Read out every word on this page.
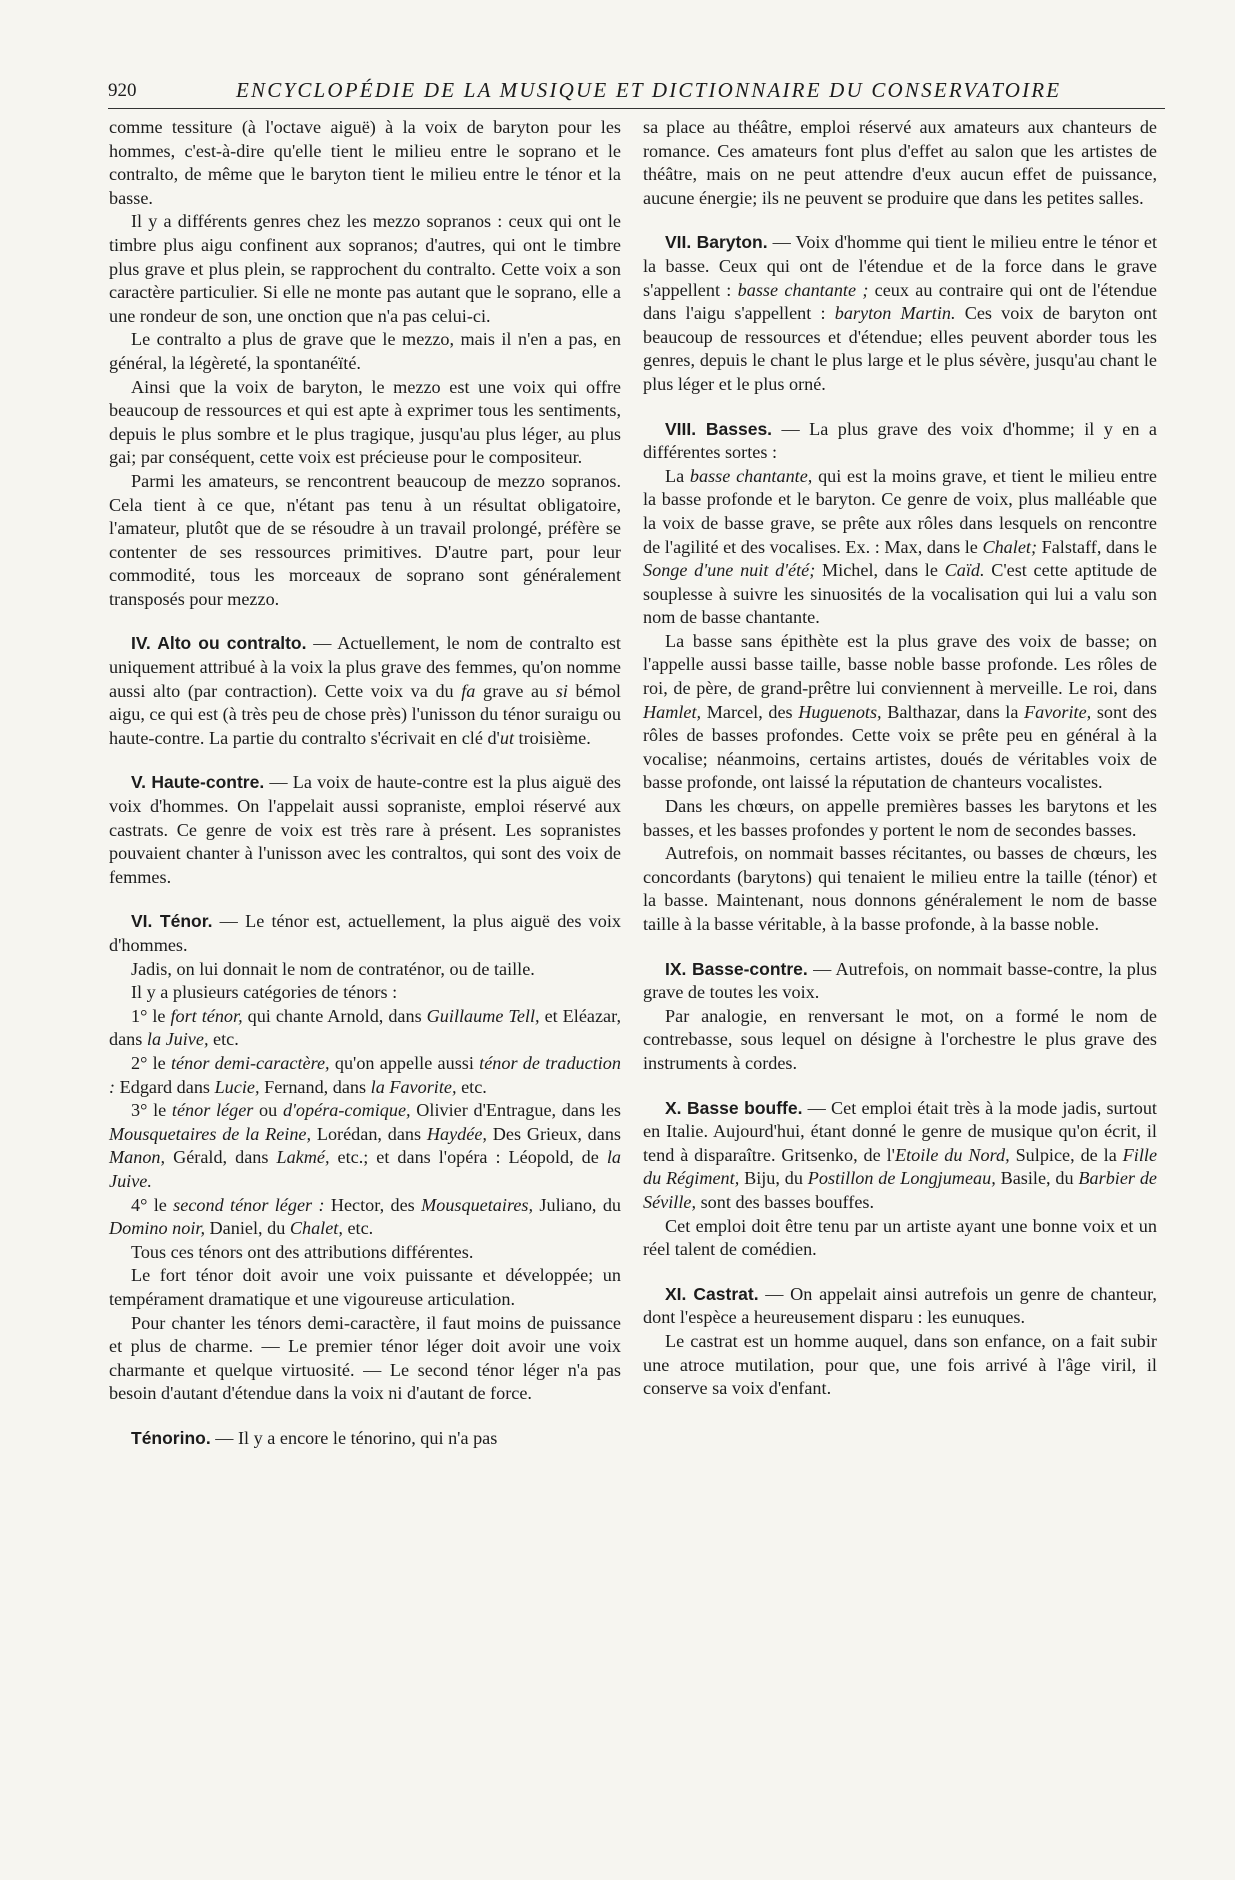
920	ENCYCLOPÉDIE DE LA MUSIQUE ET DICTIONNAIRE DU CONSERVATOIRE

comme tessiture (à l'octave aiguë) à la voix de baryton pour les hommes, c'est-à-dire qu'elle tient le milieu entre le soprano et le contralto, de même que le baryton tient le milieu entre le ténor et la basse.

Il y a différents genres chez les mezzo sopranos : ceux qui ont le timbre plus aigu confinent aux sopranos; d'autres, qui ont le timbre plus grave et plus plein, se rapprochent du contralto. Cette voix a son caractère particulier. Si elle ne monte pas autant que le soprano, elle a une rondeur de son, une onction que n'a pas celui-ci.

Le contralto a plus de grave que le mezzo, mais il n'en a pas, en général, la légèreté, la spontanéïté.

Ainsi que la voix de baryton, le mezzo est une voix qui offre beaucoup de ressources et qui est apte à exprimer tous les sentiments, depuis le plus sombre et le plus tragique, jusqu'au plus léger, au plus gai; par conséquent, cette voix est précieuse pour le compositeur.

Parmi les amateurs, se rencontrent beaucoup de mezzo sopranos. Cela tient à ce que, n'étant pas tenu à un résultat obligatoire, l'amateur, plutôt que de se résoudre à un travail prolongé, préfère se contenter de ses ressources primitives. D'autre part, pour leur commodité, tous les morceaux de soprano sont généralement transposés pour mezzo.

IV. Alto ou contralto. — Actuellement, le nom de contralto est uniquement attribué à la voix la plus grave des femmes, qu'on nomme aussi alto (par contraction). Cette voix va du fa grave au si bémol aigu, ce qui est (à très peu de chose près) l'unisson du ténor suraigu ou haute-contre. La partie du contralto s'écrivait en clé d'ut troisième.

V. Haute-contre. — La voix de haute-contre est la plus aiguë des voix d'hommes. On l'appelait aussi sopraniste, emploi réservé aux castrats. Ce genre de voix est très rare à présent. Les sopranistes pouvaient chanter à l'unisson avec les contraltos, qui sont des voix de femmes.

VI. Ténor. — Le ténor est, actuellement, la plus aiguë des voix d'hommes.

Jadis, on lui donnait le nom de contraténor, ou de taille.

Il y a plusieurs catégories de ténors :

1° le fort ténor, qui chante Arnold, dans Guillaume Tell, et Eléazar, dans la Juive, etc.

2° le ténor demi-caractère, qu'on appelle aussi ténor de traduction : Edgard dans Lucie, Fernand, dans la Favorite, etc.

3° le ténor léger ou d'opéra-comique, Olivier d'Entrague, dans les Mousquetaires de la Reine, Lorédan, dans Haydée, Des Grieux, dans Manon, Gérald, dans Lakmé, etc.; et dans l'opéra : Léopold, de la Juive.

4° le second ténor léger : Hector, des Mousquetaires, Juliano, du Domino noir, Daniel, du Chalet, etc.

Tous ces ténors ont des attributions différentes.

Le fort ténor doit avoir une voix puissante et développée; un tempérament dramatique et une vigoureuse articulation.

Pour chanter les ténors demi-caractère, il faut moins de puissance et plus de charme. — Le premier ténor léger doit avoir une voix charmante et quelque virtuosité. — Le second ténor léger n'a pas besoin d'autant d'étendue dans la voix ni d'autant de force.

Ténorino. — Il y a encore le ténorino, qui n'a pas

sa place au théâtre, emploi réservé aux amateurs aux chanteurs de romance. Ces amateurs font plus d'effet au salon que les artistes de théâtre, mais on ne peut attendre d'eux aucun effet de puissance, aucune énergie; ils ne peuvent se produire que dans les petites salles.

VII. Baryton. — Voix d'homme qui tient le milieu entre le ténor et la basse. Ceux qui ont de l'étendue et de la force dans le grave s'appellent : basse chantante ; ceux au contraire qui ont de l'étendue dans l'aigu s'appellent : baryton Martin. Ces voix de baryton ont beaucoup de ressources et d'étendue; elles peuvent aborder tous les genres, depuis le chant le plus large et le plus sévère, jusqu'au chant le plus léger et le plus orné.

VIII. Basses. — La plus grave des voix d'homme; il y en a différentes sortes :

La basse chantante, qui est la moins grave, et tient le milieu entre la basse profonde et le baryton. Ce genre de voix, plus malléable que la voix de basse grave, se prête aux rôles dans lesquels on rencontre de l'agilité et des vocalises. Ex. : Max, dans le Chalet; Falstaff, dans le Songe d'une nuit d'été; Michel, dans le Caïd. C'est cette aptitude de souplesse à suivre les sinuosités de la vocalisation qui lui a valu son nom de basse chantante.

La basse sans épithète est la plus grave des voix de basse; on l'appelle aussi basse taille, basse noble basse profonde. Les rôles de roi, de père, de grand-prêtre lui conviennent à merveille. Le roi, dans Hamlet, Marcel, des Huguenots, Balthazar, dans la Favorite, sont des rôles de basses profondes. Cette voix se prête peu en général à la vocalise; néanmoins, certains artistes, doués de véritables voix de basse profonde, ont laissé la réputation de chanteurs vocalistes.

Dans les chœurs, on appelle premières basses les barytons et les basses, et les basses profondes y portent le nom de secondes basses.

Autrefois, on nommait basses récitantes, ou basses de chœurs, les concordants (barytons) qui tenaient le milieu entre la taille (ténor) et la basse. Maintenant, nous donnons généralement le nom de basse taille à la basse véritable, à la basse profonde, à la basse noble.

IX. Basse-contre. — Autrefois, on nommait basse-contre, la plus grave de toutes les voix.

Par analogie, en renversant le mot, on a formé le nom de contrebasse, sous lequel on désigne à l'orchestre le plus grave des instruments à cordes.

X. Basse bouffe. — Cet emploi était très à la mode jadis, surtout en Italie. Aujourd'hui, étant donné le genre de musique qu'on écrit, il tend à disparaître. Gritsenko, de l'Etoile du Nord, Sulpice, de la Fille du Régiment, Biju, du Postillon de Longjumeau, Basile, du Barbier de Séville, sont des basses bouffes.

Cet emploi doit être tenu par un artiste ayant une bonne voix et un réel talent de comédien.

XI. Castrat. — On appelait ainsi autrefois un genre de chanteur, dont l'espèce a heureusement disparu : les eunuques.

Le castrat est un homme auquel, dans son enfance, on a fait subir une atroce mutilation, pour que, une fois arrivé à l'âge viril, il conserve sa voix d'enfant.
